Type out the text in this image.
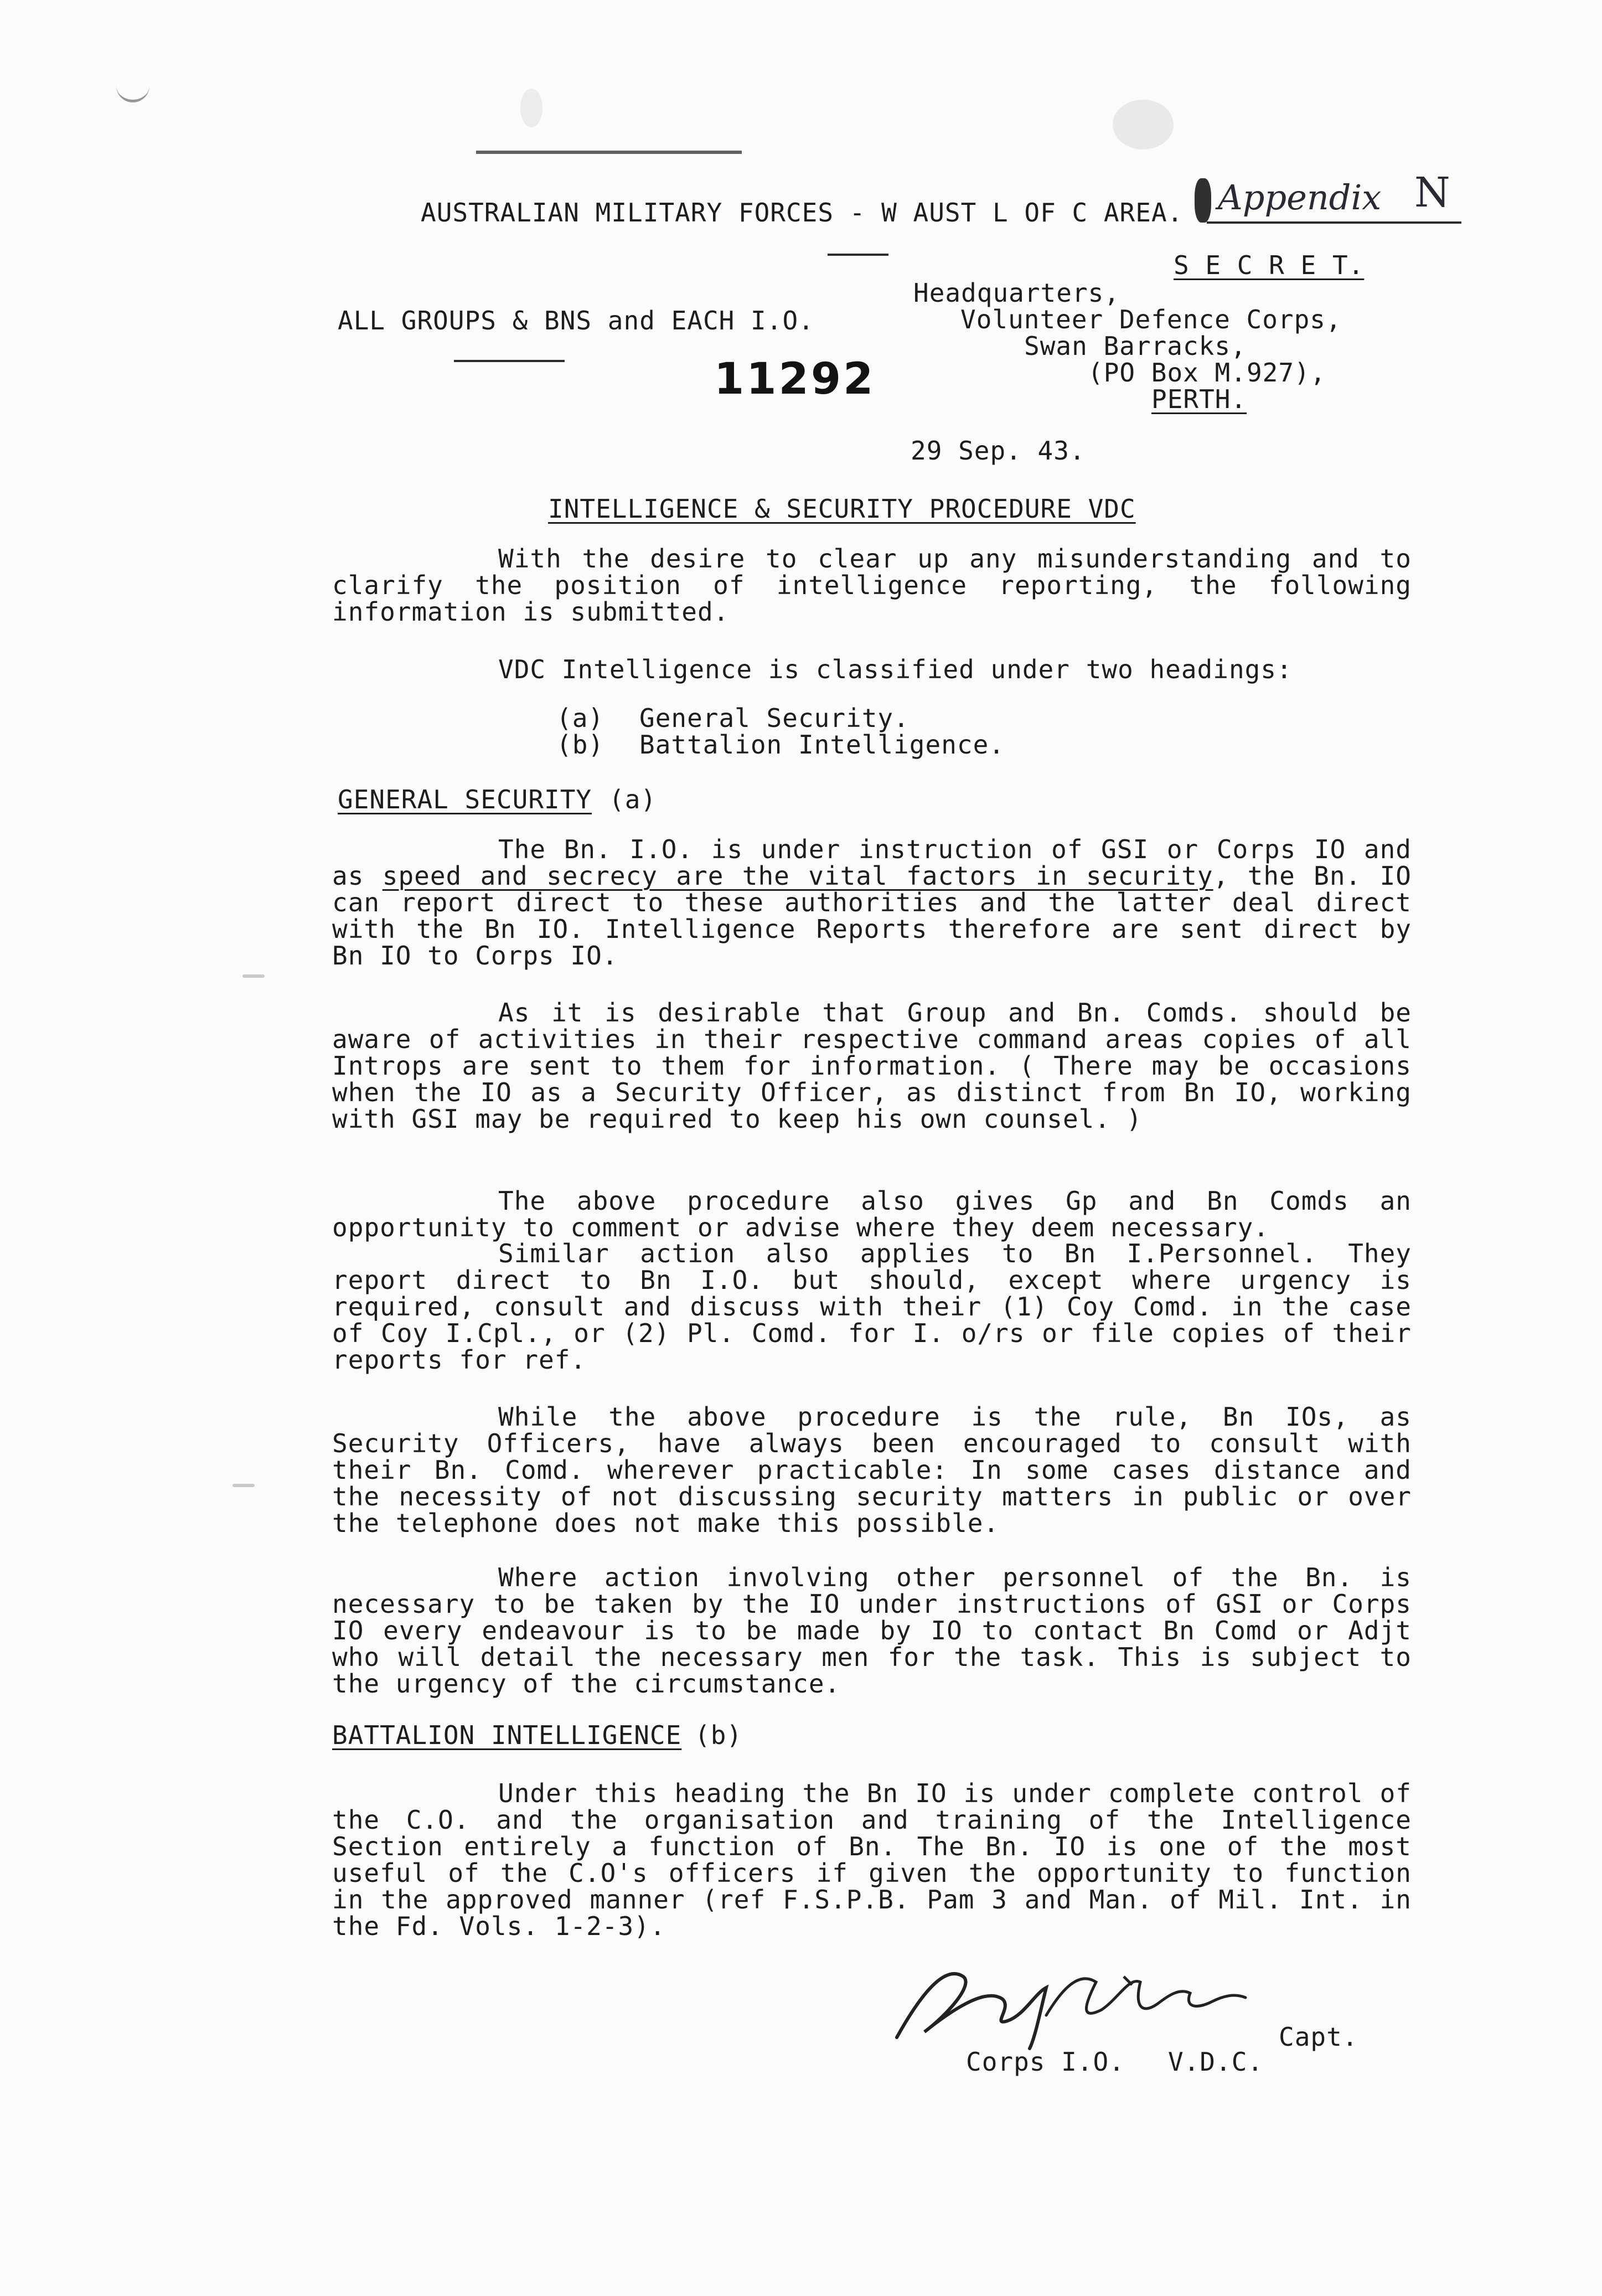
AUSTRALIAN MILITARY FORCES - W AUST L OF C AREA. Appendix N
S E C R E T.
ALL GROUPS & BNS and EACH I.O.
11292
Headquarters,
Volunteer Defence Corps,
Swan Barracks,
(PO Box M.927),
PERTH.
29 Sep. 43.
INTELLIGENCE & SECURITY PROCEDURE VDC

With the desire to clear up any misunderstanding and to clarify the position of intelligence reporting, the following information is submitted.

VDC Intelligence is classified under two headings:
(a) General Security.
(b) Battalion Intelligence.
GENERAL SECURITY (a)

The Bn. I.O. is under instruction of GSI or Corps IO and as speed and secrecy are the vital factors in security, the Bn. IO can report direct to these authorities and the latter deal direct with the Bn IO. Intelligence Reports therefore are sent direct by Bn IO to Corps IO.

As it is desirable that Group and Bn. Comds. should be aware of activities in their respective command areas copies of all Introps are sent to them for information. ( There may be occasions when the IO as a Security Officer, as distinct from Bn IO, working with GSI may be required to keep his own counsel. )

The above procedure also gives Gp and Bn Comds an opportunity to comment or advise where they deem necessary.

Similar action also applies to Bn I.Personnel. They report direct to Bn I.O. but should, except where urgency is required, consult and discuss with their (1) Coy Comd. in the case of Coy I.Cpl., or (2) Pl. Comd. for I. o/rs or file copies of their reports for ref.

While the above procedure is the rule, Bn IOs, as Security Officers, have always been encouraged to consult with their Bn. Comd. wherever practicable: In some cases distance and the necessity of not discussing security matters in public or over the telephone does not make this possible.

Where action involving other personnel of the Bn. is necessary to be taken by the IO under instructions of GSI or Corps IO every endeavour is to be made by IO to contact Bn Comd or Adjt who will detail the necessary men for the task. This is subject to the urgency of the circumstance.

BATTALION INTELLIGENCE (b)

Under this heading the Bn IO is under complete control of the C.O. and the organisation and training of the Intelligence Section entirely a function of Bn. The Bn. IO is one of the most useful of the C.O's officers if given the opportunity to function in the approved manner (ref F.S.P.B. Pam 3 and Man. of Mil. Int. in the Fd. Vols. 1-2-3).

Capt.
Corps I.O. V.D.C.
